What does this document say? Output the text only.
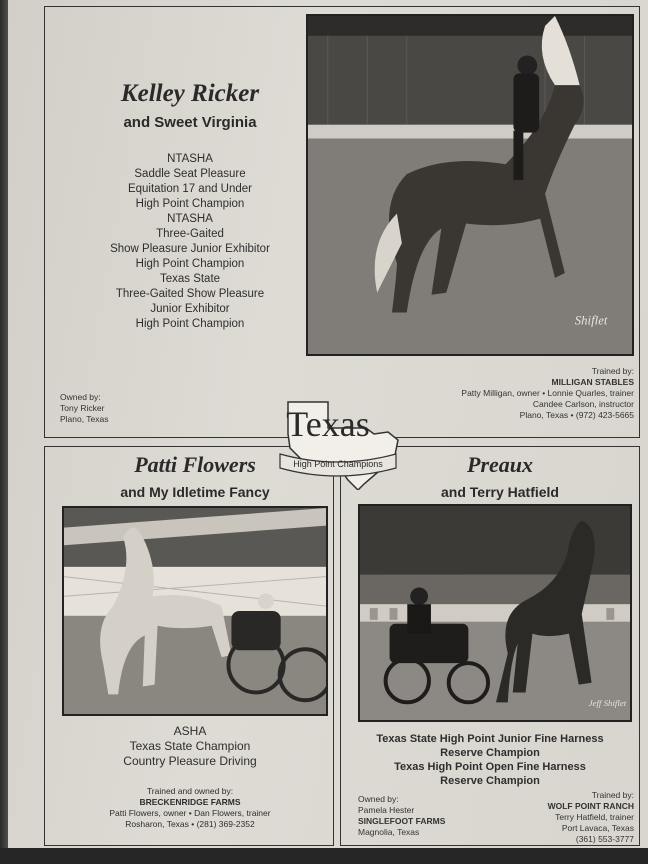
Kelley Ricker
and Sweet Virginia
NTASHA
Saddle Seat Pleasure
Equitation 17 and Under
High Point Champion
NTASHA
Three-Gaited
Show Pleasure Junior Exhibitor
High Point Champion
Texas State
Three-Gaited Show Pleasure
Junior Exhibitor
High Point Champion	Shiflet
Owned by:
Tony Ricker
Plano, Texas
Trained by:
MILLIGAN STABLES
Patty Milligan, owner • Lonnie Quarles, trainer
Candee Carlson, instructor
Plano, Texas • (972) 423-5665
Patti Flowers
and My Idletime Fancy
ASHA
Texas State Champion
Country Pleasure Driving
Trained and owned by:
BRECKENRIDGE FARMS
Patti Flowers, owner • Dan Flowers, trainer
Rosharon, Texas • (281) 369-2352
Preaux
and Terry Hatfield
Jeff Shiflet
Texas State High Point Junior Fine Harness
Reserve Champion
Texas High Point Open Fine Harness
Reserve Champion
Owned by:
Pamela Hester
SINGLEFOOT FARMS
Magnolia, Texas
Trained by:
WOLF POINT RANCH
Terry Hatfield, trainer
Port Lavaca, Texas
(361) 553-3777
Texas
High Point Champions
